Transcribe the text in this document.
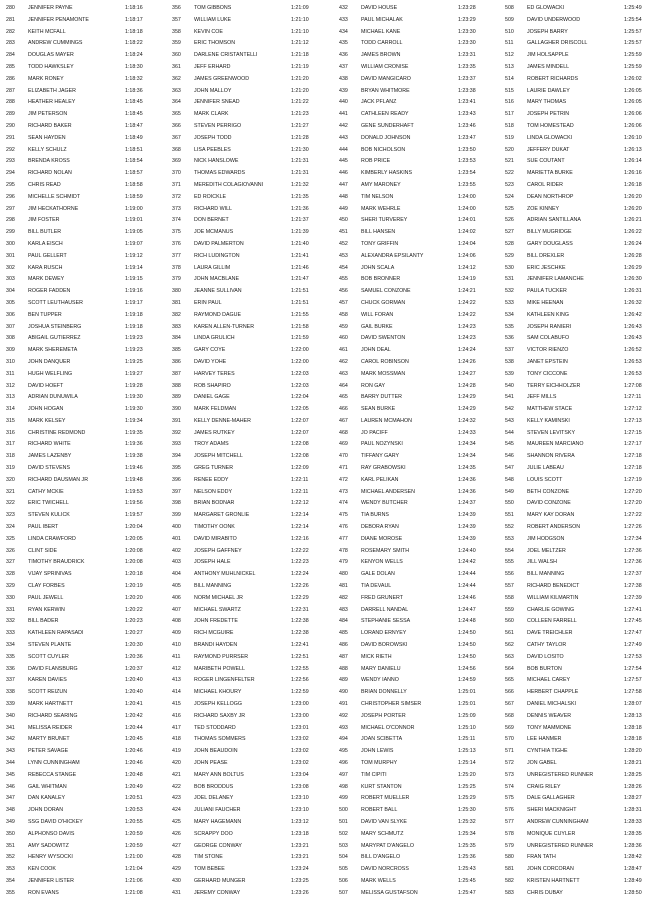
280	JENNIFER PAYNE	1:18:16
281	JENNIFER PENAMONTE	1:18:17
282	KEITH MCFALL	1:18:18
283	ANDREW CUMMINGS	1:18:22
284	DOUGLAS MAYER	1:18:24
285	TODD HAWKSLEY	1:18:30
286	MARK RONEY	1:18:32
287	ELIZABETH JAGER	1:18:36
288	HEATHER HEALEY	1:18:45
289	JIM PETERSON	1:18:45
290	RICHARD BAKER	1:18:47
291	SEAN HAYDEN	1:18:49
292	KELLY SCHULZ	1:18:51
293	BRENDA KROSS	1:18:54
294	RICHARD NOLAN	1:18:57
295	CHRIS READ	1:18:58
296	MICHELLE SCHMIDT	1:18:59
297	JIM HECKATHORNE	1:19:00
298	JIM FOSTER	1:19:01
299	BILL BUTLER	1:19:05
300	KARLA EISCH	1:19:07
301	PAUL GELLERT	1:19:12
302	KARA RUSCH	1:19:14
303	MARK DEWEY	1:19:15
304	ROGER FADDEN	1:19:16
305	SCOTT LEUTHAUSER	1:19:17
306	BEN TUPPER	1:19:18
307	JOSHUA STEINBERG	1:19:18
308	ABIGAIL GUTIERREZ	1:19:23
309	MARK SHEREMETA	1:19:23
310	JOHN DANQUER	1:19:25
311	HUGH WELFLING	1:19:27
312	DAVID HOEFT	1:19:28
313	ADRIAN DUNUWILA	1:19:30
314	JOHN HOGAN	1:19:30
315	MARK KELSEY	1:19:34
316	CHRISTINE REDMOND	1:19:35
317	RICHARD WHITE	1:19:36
318	JAMES LAZENBY	1:19:38
319	DAVID STEVENS	1:19:46
320	RICHARD DAUSMAN JR	1:19:48
321	CATHY MCKIE	1:19:53
322	ERIC TWICHELL	1:19:56
323	STEVEN KULICK	1:19:57
324	PAUL IBERT	1:20:04
325	LINDA CRAWFORD	1:20:05
326	CLINT SIDE	1:20:08
327	TIMOTHY BRAUDRICK	1:20:08
328	VIJAY SPRINIVAS	1:20:18
329	CLAY FORBES	1:20:19
330	PAUL JEWELL	1:20:20
331	RYAN KERWIN	1:20:22
332	BILL BADER	1:20:23
333	KATHLEEN RAPASADI	1:20:27
334	STEVEN PLANTE	1:20:30
335	SCOTT CUYLER	1:20:36
336	DAVID FLANSBURG	1:20:37
337	KAREN DAVIES	1:20:40
338	SCOTT REIZUN	1:20:40
339	MARK HARTNETT	1:20:41
340	RICHARD SEARING	1:20:42
341	MELISSA REIDER	1:20:44
342	MARTY BRUNET	1:20:45
343	PETER SAVAGE	1:20:46
344	LYNN CUNNINGHAM	1:20:46
345	REBECCA STANGE	1:20:48
346	GAIL WHITMAN	1:20:49
347	DAN KANALEY	1:20:51
348	JOHN DORAN	1:20:53
349	SSG DAVID O'HICKEY	1:20:55
350	ALPHONSO DAVIS	1:20:59
351	AMY SADOWITZ	1:20:59
352	HENRY WYSOCKI	1:21:00
353	KEN COOK	1:21:04
354	JENNIFER LISTER	1:21:06
355	RON EVANS	1:21:08
356	TOM GIBBONS	1:21:09
357	WILLIAM LUKE	1:21:10
358	KEVIN COE	1:21:10
359	ERIC THOMSON	1:21:12
360	DARLENE CRISTANTELLI	1:21:18
361	JEFF ERHARD	1:21:19
362	JAMES GREENWOOD	1:21:20
363	JOHN MALLOY	1:21:20
364	JENNIFER SNEAD	1:21:22
365	MARK CLARK	1:21:23
366	STEVEN PERRIGO	1:21:27
367	JOSEPH TODD	1:21:28
368	LISA PEEBLES	1:21:30
369	NICK HANSLOWE	1:21:31
370	THOMAS EDWARDS	1:21:31
371	MEREDITH COLAGIOVANNI	1:21:32
372	ED ROICKLE	1:21:35
373	RICHARD WILL	1:21:36
374	DON BERNET	1:21:37
375	JOE MCMANUS	1:21:39
376	DAVID PALMERTON	1:21:40
377	RICH LUDINGTON	1:21:41
378	LAURA GILLIM	1:21:46
379	JOHN MACBLANE	1:21:47
380	JEANNE SULLIVAN	1:21:51
381	ERIN PAUL	1:21:51
382	RAYMOND DAGUE	1:21:55
383	KAREN ALLEN-TURNER	1:21:58
384	LINDA GRULICH	1:21:59
385	GARY COYE	1:22:00
386	DAVID YOHE	1:22:00
387	HARVEY TERES	1:22:03
388	ROB SHAPIRO	1:22:03
389	DANIEL GAGE	1:22:04
390	MARK FELDMAN	1:22:05
391	KELLY DENNE-MAHER	1:22:07
392	JAMES RUTKEY	1:22:07
393	TROY ADAMS	1:22:08
394	JOSEPH MITCHELL	1:22:08
395	GREG TURNER	1:22:09
396	RENEE EDDY	1:22:11
397	NELSON EDDY	1:22:11
398	BRIAN BODNAR	1:22:12
399	MARGARET GRONLIE	1:22:14
400	TIMOTHY OONK	1:22:14
401	DAVID MIRABITO	1:22:16
402	JOSEPH GAFFNEY	1:22:22
403	JOSEPH HALE	1:22:23
404	ANTHONY MUHLNICKEL	1:22:24
405	BILL MANNING	1:22:26
406	NORM MICHAEL JR	1:22:29
407	MICHAEL SWARTZ	1:22:31
408	JOHN FREDETTE	1:22:38
409	RICH MCGUIRE	1:22:38
410	BRANDI HAYDEN	1:22:41
411	RAYMOND PURRSER	1:22:51
412	MARIBETH POWELL	1:22:55
413	ROGER LINGENFELTER	1:22:56
414	MICHAEL KHOURY	1:22:59
415	JOSEPH KELLOGG	1:23:00
416	RICHARD SAXBY JR	1:23:00
417	TED STODDARD	1:23:01
418	THOMAS SOMMERS	1:23:02
419	JOHN BEAUDOIN	1:23:02
420	JOHN PEASE	1:23:02
421	MARY ANN BOLTUS	1:23:04
422	BOB BRODDUS	1:23:08
423	JOEL DELANEY	1:23:10
424	JULIANI FAUCHER	1:23:10
425	MARY HAGEMANN	1:23:12
426	SCRAPPY DOO	1:23:18
427	GEORGE CONWAY	1:23:21
428	TIM STONE	1:23:21
429	TOM BEBEE	1:23:24
430	GERHARD MUNGER	1:23:25
431	JEREMY CONWAY	1:23:26
432	DAVID HOUSE	1:23:28
433	PAUL MICHALAK	1:23:29
434	MICHAEL KANE	1:23:30
435	TODD CARROLL	1:23:30
436	JAMES BROWN	1:23:31
437	WILLIAM CRONISE	1:23:35
438	DAVID MANGICARO	1:23:37
439	BRYAN WHITMORE	1:23:38
440	JACK PFLANZ	1:23:41
441	CATHLEEN READY	1:23:43
442	GENE SUNDERHAFT	1:23:46
443	DONALD JOHNSON	1:23:47
444	BOB NICHOLSON	1:23:50
445	ROB PRICE	1:23:53
446	KIMBERLY HASKINS	1:23:54
447	AMY MARONEY	1:23:55
448	TIM NELSON	1:24:00
449	MARK WEHRLE	1:24:00
450	SHERI TURVEREY	1:24:01
451	BILL HANSEN	1:24:02
452	TONY GRIFFIN	1:24:04
453	ALEXANDRA EPSILANTY	1:24:06
454	JOHN SCALA	1:24:12
455	BOB BRONNER	1:24:19
456	SAMUEL CONZONE	1:24:21
457	CHUCK GORMAN	1:24:22
458	WILL FORAN	1:24:22
459	GAIL BURKE	1:24:23
460	DAVID SWENTON	1:24:23
461	JOHN DEAL	1:24:24
462	CAROL ROBINSON	1:24:26
463	MARK MOSSMAN	1:24:27
464	RON GAY	1:24:28
465	BARRY DUTTER	1:24:29
466	SEAN BURKE	1:24:29
467	LAUREN MCMAHON	1:24:32
468	JO PACIFF	1:24:33
469	PAUL NOZYNSKI	1:24:34
470	TIFFANY GARY	1:24:34
471	RAY GRABOWSKI	1:24:35
472	KARL PELIKAN	1:24:36
473	MICHAEL ANDERSEN	1:24:36
474	WENDY BUTCHER	1:24:37
475	TIA BURNS	1:24:39
476	DEBORA RYAN	1:24:39
477	DIANE MOROSE	1:24:39
478	ROSEMARY SMITH	1:24:40
479	KENYON WELLS	1:24:42
480	GALE DOLAN	1:24:44
481	TIA DEVAUL	1:24:44
482	FRED GRUNERT	1:24:46
483	DARRELL NANDAL	1:24:47
484	STEPHANIE SESSA	1:24:48
485	LORAND ERNYEY	1:24:50
486	DAVID BOROWSKI	1:24:50
487	MICK RIETH	1:24:50
488	MARY DANIELU	1:24:56
489	WENDY IANNO	1:24:59
490	BRIAN DONNELLY	1:25:01
491	CHRISTOPHER SIMSER	1:25:01
492	JOSEPH PORTER	1:25:09
493	MICHAEL O'CONNOR	1:25:10
494	JOAN SCIBETTA	1:25:11
495	JOHN LEWIS	1:25:13
496	TOM MURPHY	1:25:14
497	TIM CIPITI	1:25:20
498	KURT STANTON	1:25:25
499	ROBERT MUELLER	1:25:29
500	ROBERT BALL	1:25:30
501	DAVID VAN SLYKE	1:25:32
502	MARY SCHMUTZ	1:25:34
503	MARYPAT D'ANGELO	1:25:35
504	BILL D'ANGELO	1:25:36
505	DAVID NORCROSS	1:25:43
506	MARK WELLS	1:25:45
507	MELISSA GUSTAFSON	1:25:47
508	ED GLOWACKI	1:25:49
509	DAVID UNDERWOOD	1:25:54
510	JOSEPH BARRY	1:25:57
511	GALLAGHER DRISCOLL	1:25:57
512	JIM HOLSAPPLE	1:25:59
513	JAMES MINDELL	1:25:59
514	ROBERT RICHARDS	1:26:02
515	LAURIE DAWLEY	1:26:05
516	MARY THOMAS	1:26:05
517	JOSEPH PETRIN	1:26:06
518	TOM HOMESTEAD	1:26:06
519	LINDA GLOWACKI	1:26:10
520	JEFFERY DUKAT	1:26:13
521	SUE COUTANT	1:26:14
522	MARIETTA BURKE	1:26:16
523	CAROL RIDER	1:26:18
524	DEAN NORTHROP	1:26:20
525	ZOE KINNEY	1:26:20
526	ADRIAN SANTILLANA	1:26:21
527	BILLY MUGRIDGE	1:26:22
528	GARY DOUGLASS	1:26:24
529	BILL DREXLER	1:26:28
530	ERIC JESCHKE	1:26:29
531	JENNIFER LAMANCHE	1:26:30
532	PAULA TUCKER	1:26:31
533	MIKE HEENAN	1:26:32
534	KATHLEEN KING	1:26:42
535	JOSEPH RANIERI	1:26:43
536	SAM COLABUFO	1:26:43
537	VICTOR RIENZO	1:26:52
538	JANET EPSTEIN	1:26:53
539	TONY CICCONE	1:26:53
540	TERRY EICHHOLZER	1:27:08
541	JEFF MILLS	1:27:11
542	MATTHEW STACE	1:27:12
543	KELLY KAMINSKI	1:27:13
544	STEVEN LEVITSKY	1:27:15
545	MAUREEN MARCIANO	1:27:17
546	SHANNON RIVERA	1:27:18
547	JULIE LABEAU	1:27:18
548	LOUIS SCOTT	1:27:19
549	BETH CONZONE	1:27:20
550	DAVID CONZONE	1:27:20
551	MARY KAY DORAN	1:27:22
552	ROBERT ANDERSON	1:27:26
553	JIM HODGSON	1:27:34
554	JOEL MELTZER	1:27:36
555	JILL WALSH	1:27:36
556	BILL MANNING	1:27:37
557	RICHARD BENEDICT	1:27:38
558	WILLIAM KILMARTIN	1:27:39
559	CHARLIE GOWING	1:27:41
560	COLLEEN FARRELL	1:27:45
561	DAVE TREICHLER	1:27:47
562	CATHY TAYLOR	1:27:49
563	DAVID LOSITO	1:27:53
564	BOB BURTON	1:27:54
565	MICHAEL CAREY	1:27:57
566	HERBERT CHAPPLE	1:27:58
567	DANIEL MICHALSKI	1:28:07
568	DENNIS WEAVER	1:28:13
569	TONY MAMMONE	1:28:18
570	LEE HANMER	1:28:18
571	CYNTHIA TIGHE	1:28:20
572	JON GABEL	1:28:21
573	UNREGISTERED RUNNER	1:28:25
574	CRAIG RILEY	1:28:26
575	DALE GALLAGHER	1:28:27
576	SHERI MACKNIGHT	1:28:31
577	ANDREW CUNNINGHAM	1:28:33
578	MONIQUE CUYLER	1:28:35
579	UNREGISTERED RUNNER	1:28:36
580	FRAN TATH	1:28:42
581	JOHN CORCORAN	1:28:47
582	KRISTEN HARTNETT	1:28:49
583	CHRIS DUBAY	1:28:50
